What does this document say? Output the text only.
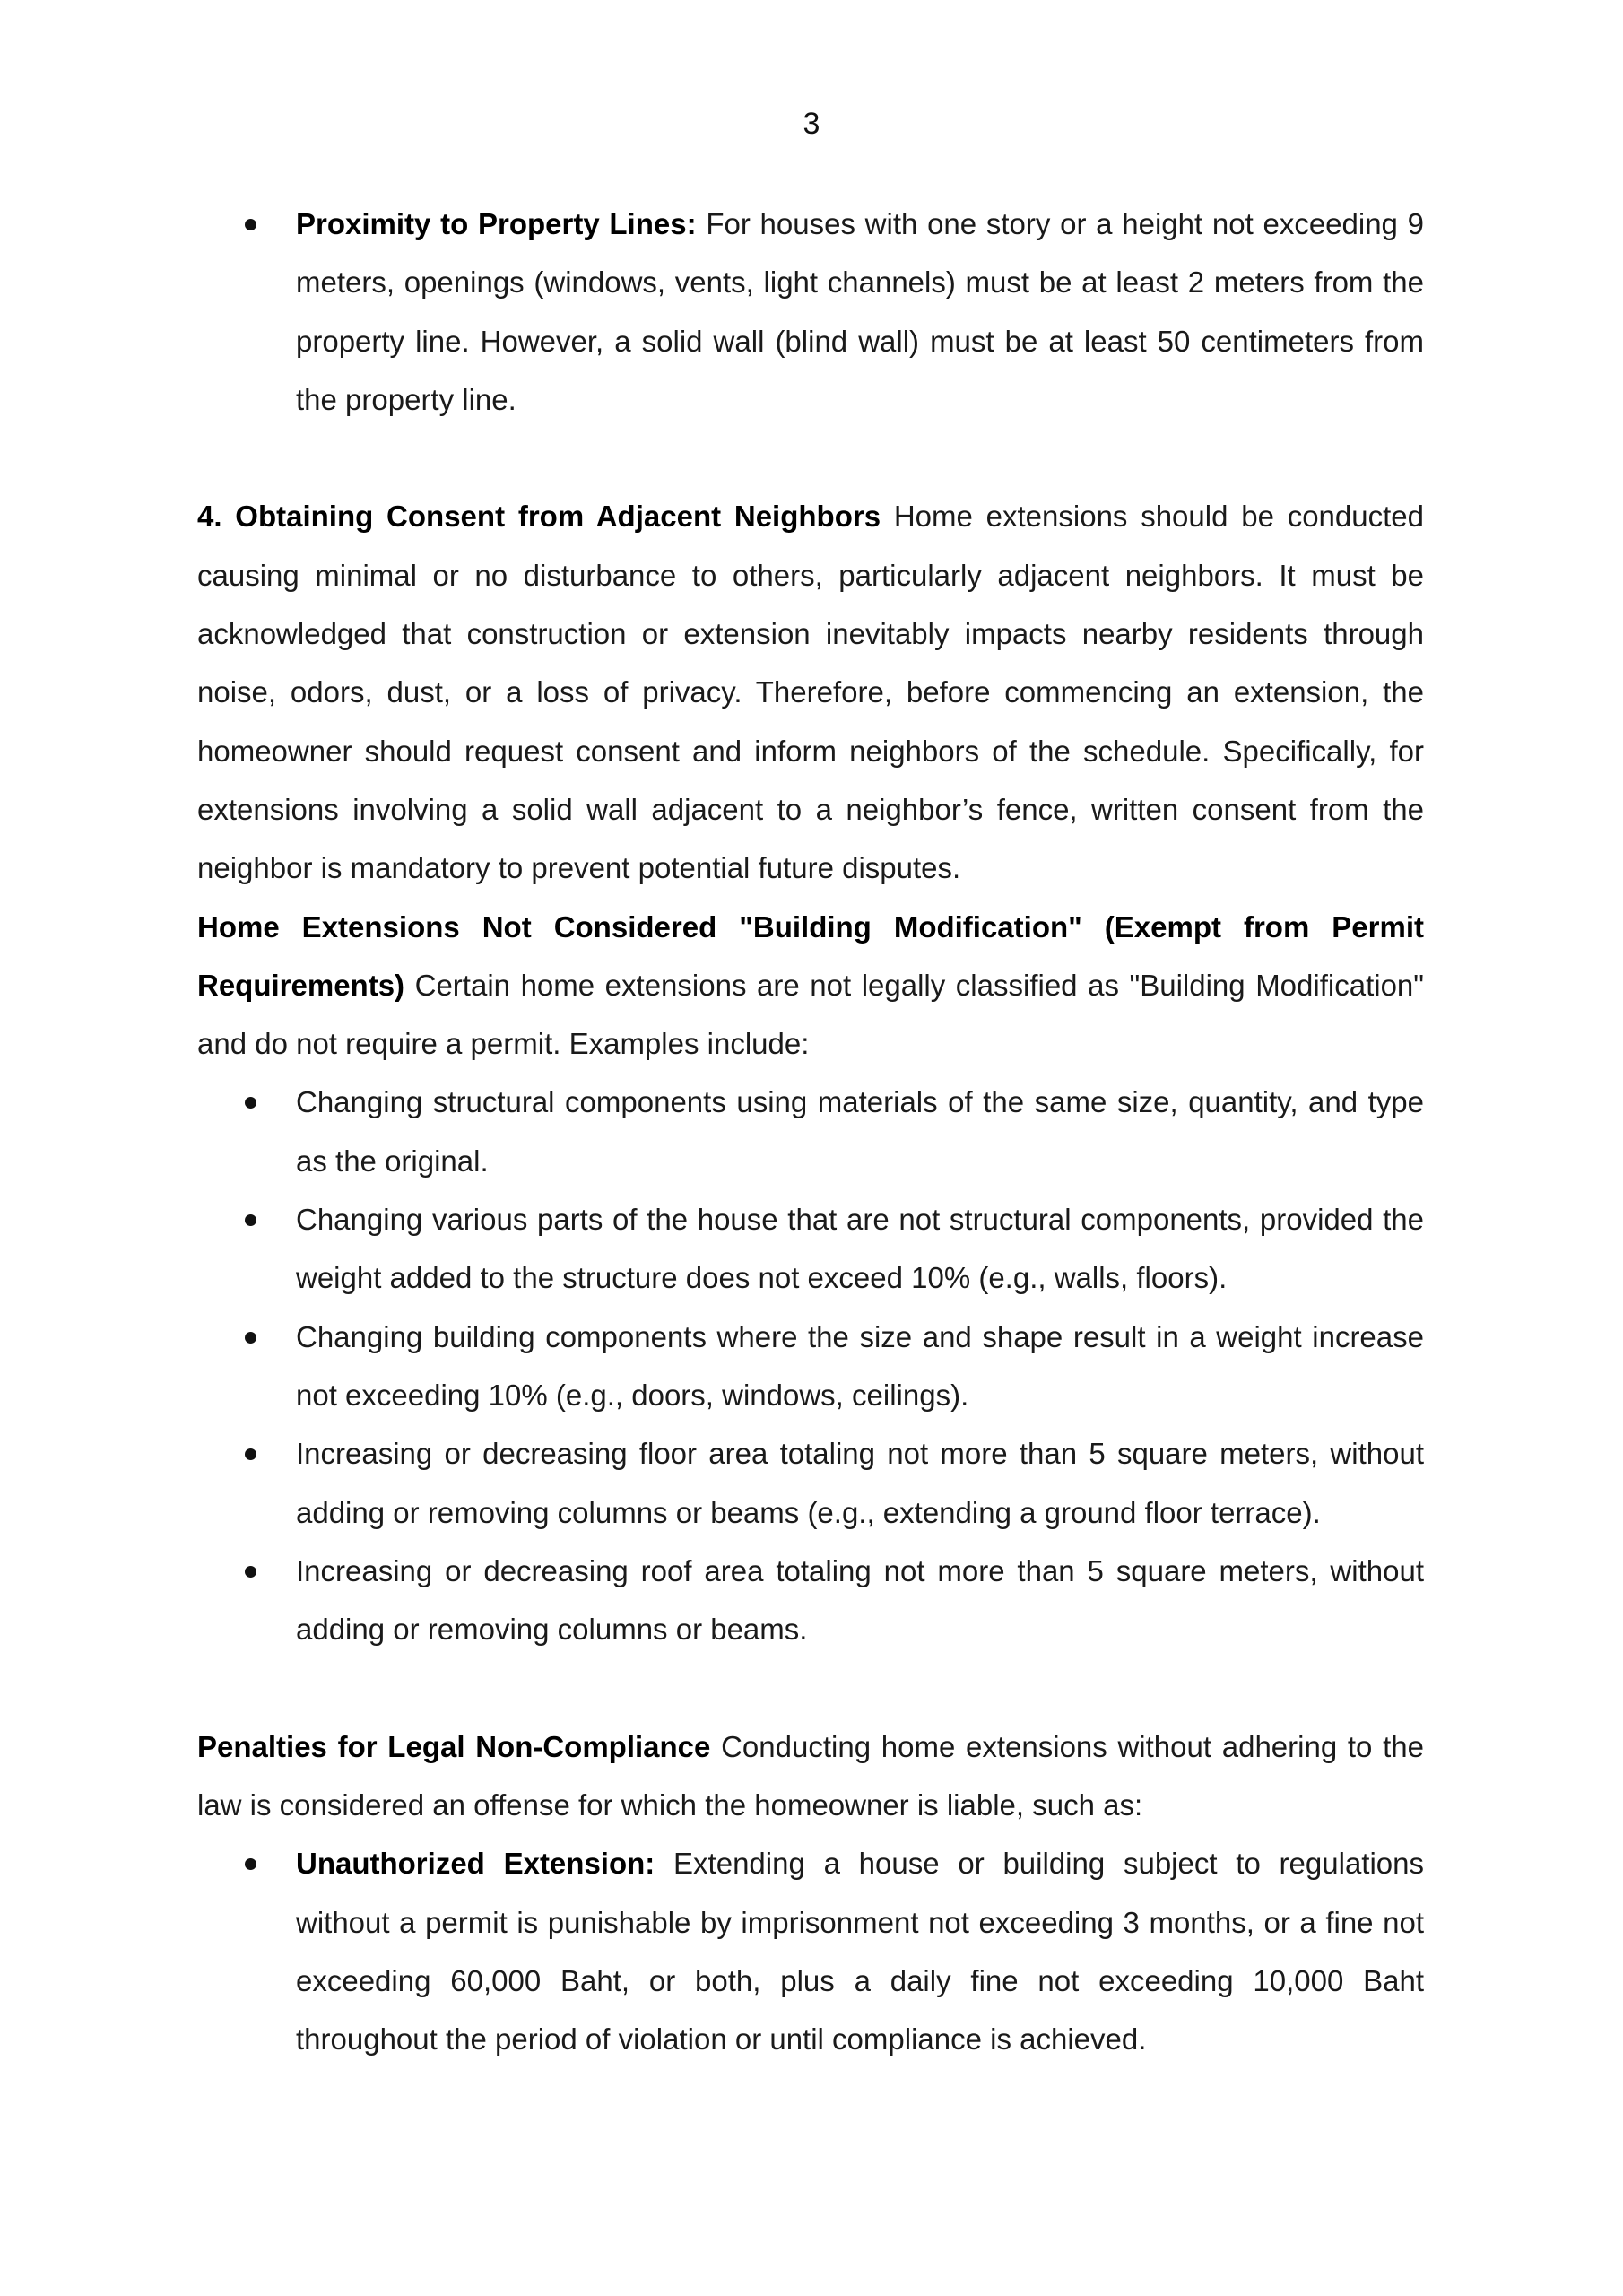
3
Proximity to Property Lines: For houses with one story or a height not exceeding 9 meters, openings (windows, vents, light channels) must be at least 2 meters from the property line. However, a solid wall (blind wall) must be at least 50 centimeters from the property line.

4. Obtaining Consent from Adjacent Neighbors Home extensions should be conducted causing minimal or no disturbance to others, particularly adjacent neighbors. It must be acknowledged that construction or extension inevitably impacts nearby residents through noise, odors, dust, or a loss of privacy. Therefore, before commencing an extension, the homeowner should request consent and inform neighbors of the schedule. Specifically, for extensions involving a solid wall adjacent to a neighbor’s fence, written consent from the neighbor is mandatory to prevent potential future disputes.

Home Extensions Not Considered "Building Modification" (Exempt from Permit Requirements) Certain home extensions are not legally classified as "Building Modification" and do not require a permit. Examples include:

Changing structural components using materials of the same size, quantity, and type as the original.
Changing various parts of the house that are not structural components, provided the weight added to the structure does not exceed 10% (e.g., walls, floors).
Changing building components where the size and shape result in a weight increase not exceeding 10% (e.g., doors, windows, ceilings).
Increasing or decreasing floor area totaling not more than 5 square meters, without adding or removing columns or beams (e.g., extending a ground floor terrace).
Increasing or decreasing roof area totaling not more than 5 square meters, without adding or removing columns or beams.

Penalties for Legal Non-Compliance Conducting home extensions without adhering to the law is considered an offense for which the homeowner is liable, such as:

Unauthorized Extension: Extending a house or building subject to regulations without a permit is punishable by imprisonment not exceeding 3 months, or a fine not exceeding 60,000 Baht, or both, plus a daily fine not exceeding 10,000 Baht throughout the period of violation or until compliance is achieved.
